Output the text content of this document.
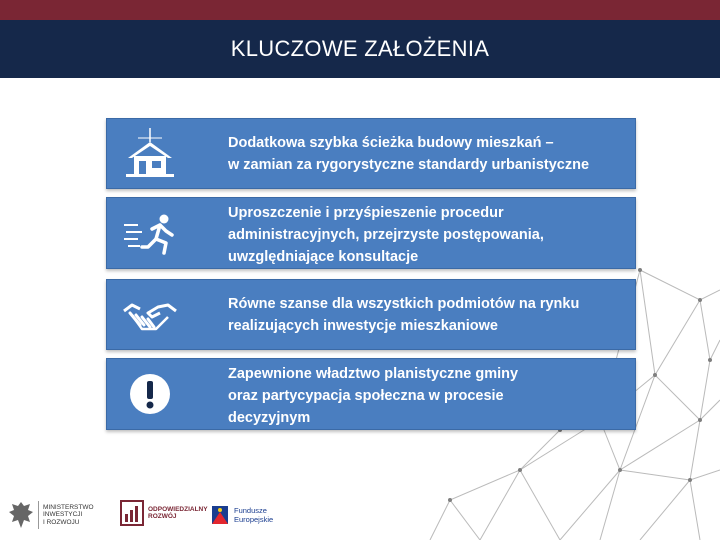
KLUCZOWE ZAŁOŻENIA
Dodatkowa szybka ścieżka budowy mieszkań –
w zamian za rygorystyczne standardy urbanistyczne
Uproszczenie i przyśpieszenie procedur
administracyjnych, przejrzyste postępowania,
uwzględniające konsultacje
Równe szanse dla wszystkich podmiotów na rynku
realizujących inwestycje mieszkaniowe
Zapewnione władztwo planistyczne gminy
oraz partycypacja społeczna w procesie
decyzyjnym
MINISTERSTWO
INWESTYCJI
I ROZWOJU
ODPOWIEDZIALNY
ROZWÓJ
Fundusze
Europejskie
